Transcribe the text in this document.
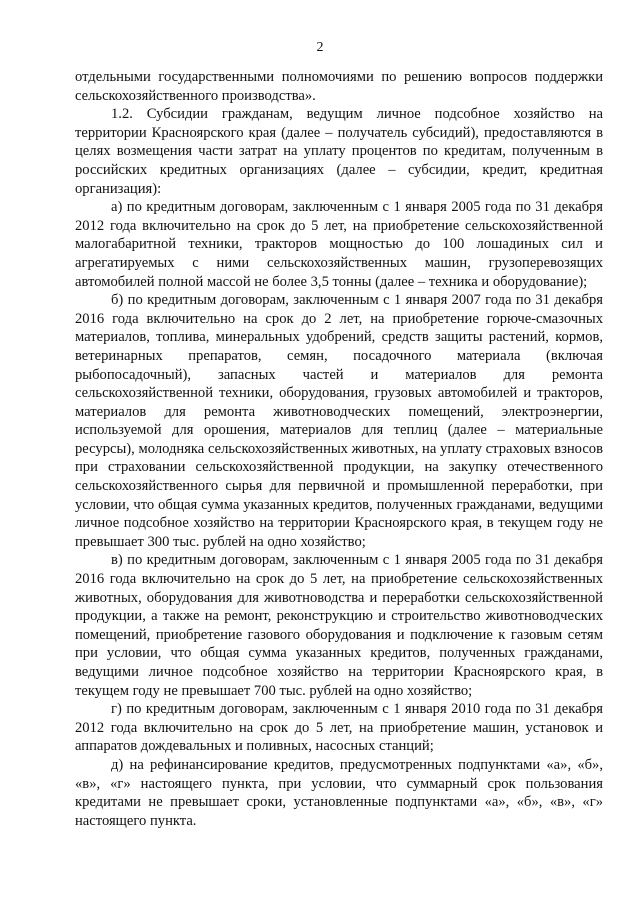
2

отдельными государственными полномочиями по решению вопросов поддержки сельскохозяйственного производства».

1.2. Субсидии гражданам, ведущим личное подсобное хозяйство на территории Красноярского края (далее – получатель субсидий), предоставляются в целях возмещения части затрат на уплату процентов по кредитам, полученным в российских кредитных организациях (далее – субсидии, кредит, кредитная организация):

а) по кредитным договорам, заключенным с 1 января 2005 года по 31 декабря 2012 года включительно на срок до 5 лет, на приобретение сельскохозяйственной малогабаритной техники, тракторов мощностью до 100 лошадиных сил и агрегатируемых с ними сельскохозяйственных машин, грузоперевозящих автомобилей полной массой не более 3,5 тонны (далее – техника и оборудование);

б) по кредитным договорам, заключенным с 1 января 2007 года по 31 декабря 2016 года включительно на срок до 2 лет, на приобретение горюче-смазочных материалов, топлива, минеральных удобрений, средств защиты растений, кормов, ветеринарных препаратов, семян, посадочного материала (включая рыбопосадочный), запасных частей и материалов для ремонта сельскохозяйственной техники, оборудования, грузовых автомобилей и тракторов, материалов для ремонта животноводческих помещений, электроэнергии, используемой для орошения, материалов для теплиц (далее – материальные ресурсы), молодняка сельскохозяйственных животных, на уплату страховых взносов при страховании сельскохозяйственной продукции, на закупку отечественного сельскохозяйственного сырья для первичной и промышленной переработки, при условии, что общая сумма указанных кредитов, полученных гражданами, ведущими личное подсобное хозяйство на территории Красноярского края, в текущем году не превышает 300 тыс. рублей на одно хозяйство;

в) по кредитным договорам, заключенным с 1 января 2005 года по 31 декабря 2016 года включительно на срок до 5 лет, на приобретение сельскохозяйственных животных, оборудования для животноводства и переработки сельскохозяйственной продукции, а также на ремонт, реконструкцию и строительство животноводческих помещений, приобретение газового оборудования и подключение к газовым сетям при условии, что общая сумма указанных кредитов, полученных гражданами, ведущими личное подсобное хозяйство на территории Красноярского края, в текущем году не превышает 700 тыс. рублей на одно хозяйство;

г) по кредитным договорам, заключенным с 1 января 2010 года по 31 декабря 2012 года включительно на срок до 5 лет, на приобретение машин, установок и аппаратов дождевальных и поливных, насосных станций;

д) на рефинансирование кредитов, предусмотренных подпунктами «а», «б», «в», «г» настоящего пункта, при условии, что суммарный срок пользования кредитами не превышает сроки, установленные подпунктами «а», «б», «в», «г» настоящего пункта.
